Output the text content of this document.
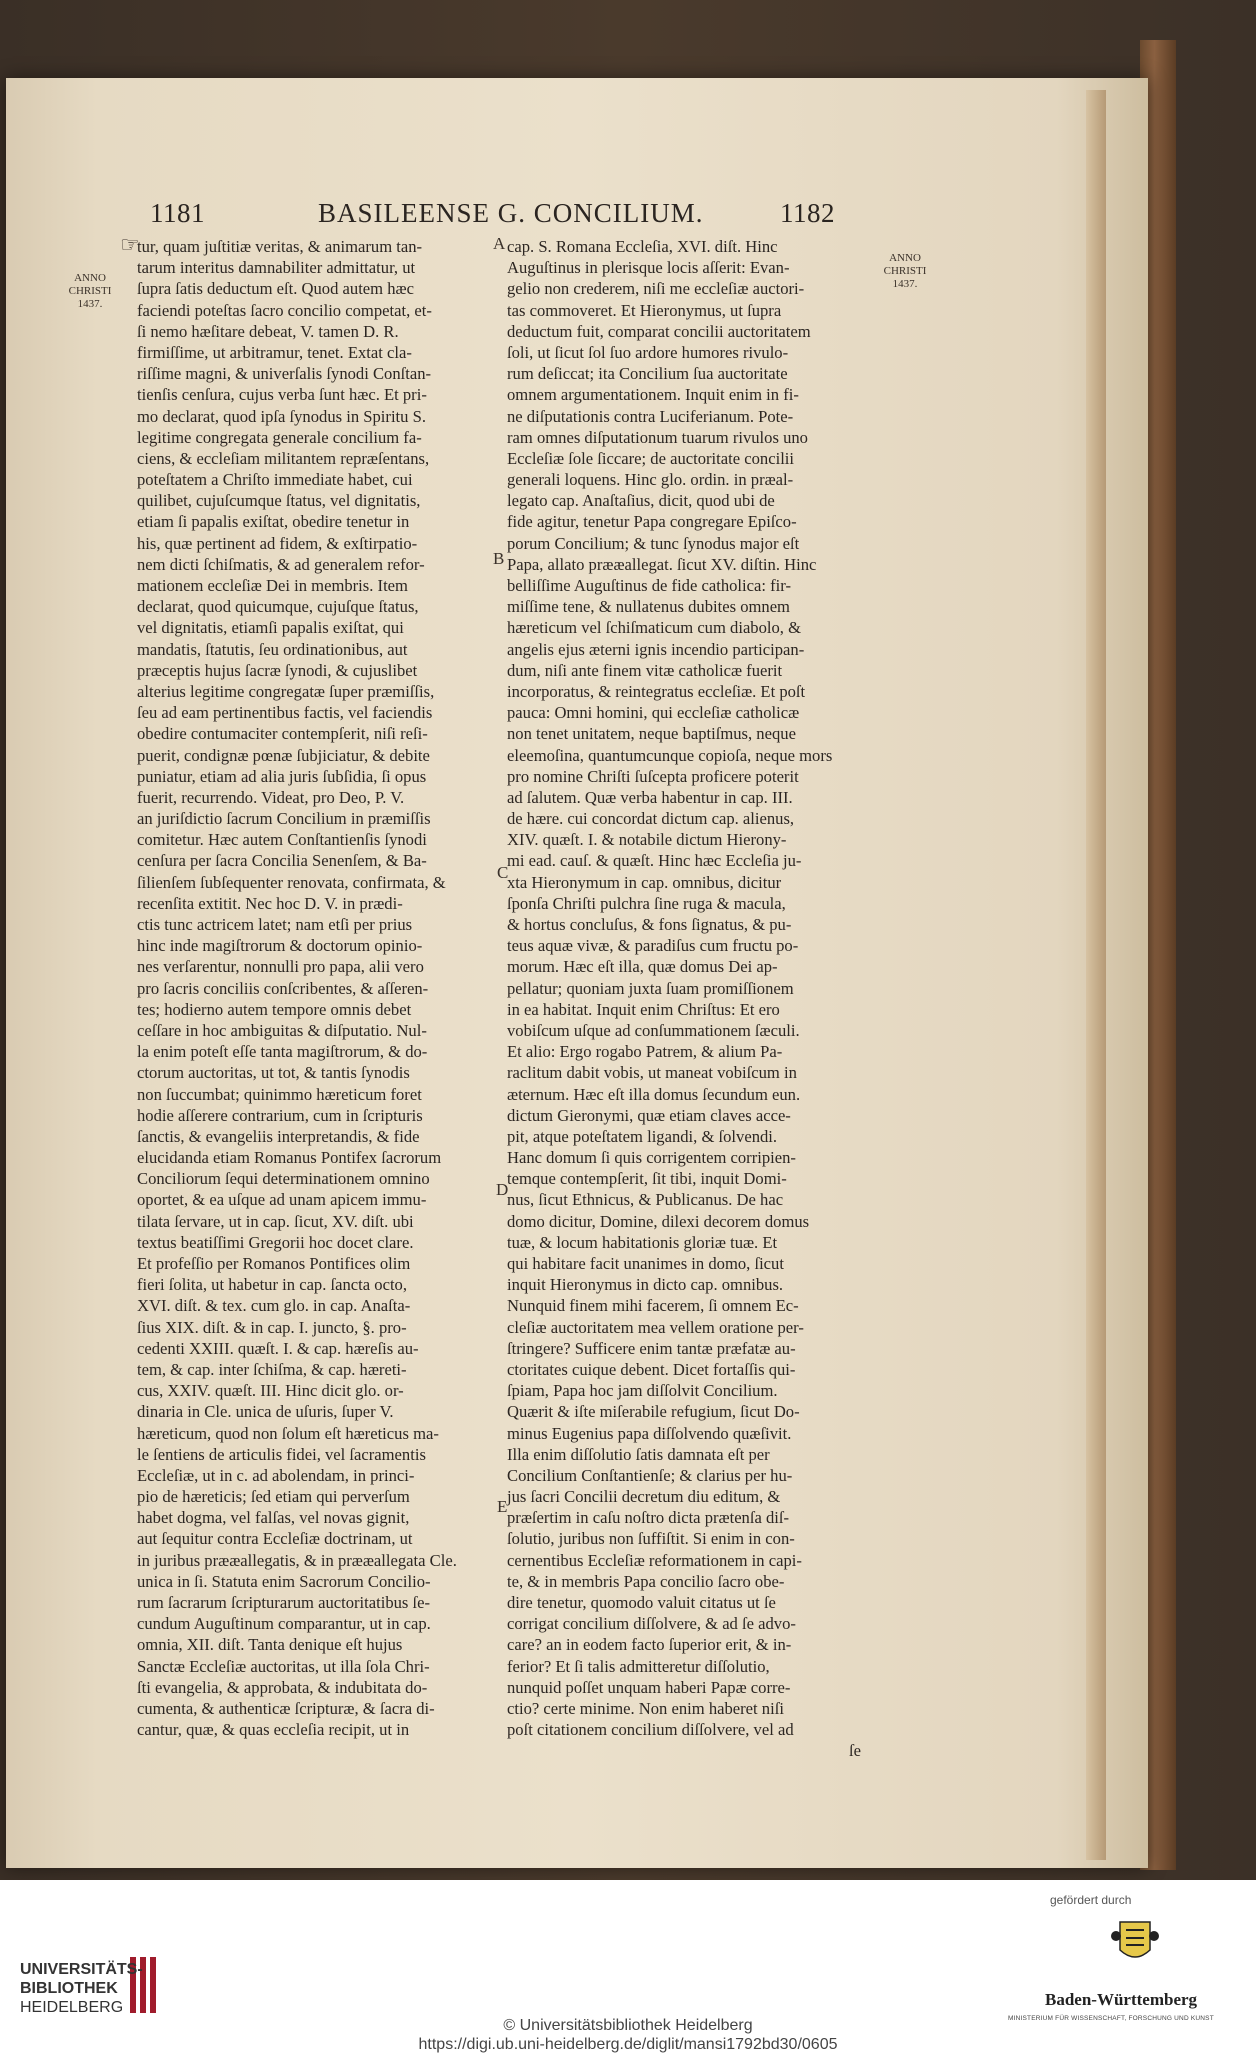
1181	BASILEENSE G. CONCILIUM.	1182
☞
ANNO
CHRISTI
1437.
ANNO
CHRISTI
1437.
tur, quam juſtitiæ veritas, & animarum tan-
tarum interitus damnabiliter admittatur, ut
ſupra ſatis deductum eſt. Quod autem hæc
faciendi poteſtas ſacro concilio competat, et-
ſi nemo hæſitare debeat, V. tamen D. R.
firmiſſime, ut arbitramur, tenet. Extat cla-
riſſime magni, & univerſalis ſynodi Conſtan-
tienſis cenſura, cujus verba ſunt hæc. Et pri-
mo declarat, quod ipſa ſynodus in Spiritu S.
legitime congregata generale concilium fa-
ciens, & eccleſiam militantem repræſentans,
poteſtatem a Chriſto immediate habet, cui
quilibet, cujuſcumque ſtatus, vel dignitatis,
etiam ſi papalis exiſtat, obedire tenetur in
his, quæ pertinent ad fidem, & exſtirpatio-
nem dicti ſchiſmatis, & ad generalem refor-
mationem eccleſiæ Dei in membris. Item
declarat, quod quicumque, cujuſque ſtatus,
vel dignitatis, etiamſi papalis exiſtat, qui
mandatis, ſtatutis, ſeu ordinationibus, aut
præceptis hujus ſacræ ſynodi, & cujuslibet
alterius legitime congregatæ ſuper præmiſſis,
ſeu ad eam pertinentibus factis, vel faciendis
obedire contumaciter contempſerit, niſi reſi-
puerit, condignæ pœnæ ſubjiciatur, & debite
puniatur, etiam ad alia juris ſubſidia, ſi opus
fuerit, recurrendo. Videat, pro Deo, P. V.
an juriſdictio ſacrum Concilium in præmiſſis
comitetur. Hæc autem Conſtantienſis ſynodi
cenſura per ſacra Concilia Senenſem, & Ba-
ſilienſem ſubſequenter renovata, confirmata, &
recenſita extitit. Nec hoc D. V. in prædi-
ctis tunc actricem latet; nam etſi per prius
hinc inde magiſtrorum & doctorum opinio-
nes verſarentur, nonnulli pro papa, alii vero
pro ſacris conciliis conſcribentes, & aſſeren-
tes; hodierno autem tempore omnis debet
ceſſare in hoc ambiguitas & diſputatio. Nul-
la enim poteſt eſſe tanta magiſtrorum, & do-
ctorum auctoritas, ut tot, & tantis ſynodis
non ſuccumbat; quinimmo hæreticum foret
hodie aſſerere contrarium, cum in ſcripturis
ſanctis, & evangeliis interpretandis, & fide
elucidanda etiam Romanus Pontifex ſacrorum
Conciliorum ſequi determinationem omnino
oportet, & ea uſque ad unam apicem immu-
tilata ſervare, ut in cap. ſicut, XV. diſt. ubi
textus beatiſſimi Gregorii hoc docet clare.
Et profeſſio per Romanos Pontifices olim
fieri ſolita, ut habetur in cap. ſancta octo,
XVI. diſt. & tex. cum glo. in cap. Anaſta-
ſius XIX. diſt. & in cap. I. juncto, §. pro-
cedenti XXIII. quæſt. I. & cap. hæreſis au-
tem, & cap. inter ſchiſma, & cap. hæreti-
cus, XXIV. quæſt. III. Hinc dicit glo. or-
dinaria in Cle. unica de uſuris, ſuper V.
hæreticum, quod non ſolum eſt hæreticus ma-
le ſentiens de articulis fidei, vel ſacramentis
Eccleſiæ, ut in c. ad abolendam, in princi-
pio de hæreticis; ſed etiam qui perverſum
habet dogma, vel falſas, vel novas gignit,
aut ſequitur contra Eccleſiæ doctrinam, ut
in juribus prææallegatis, & in prææallegata Cle.
unica in ſi. Statuta enim Sacrorum Concilio-
rum ſacrarum ſcripturarum auctoritatibus ſe-
cundum Auguſtinum comparantur, ut in cap.
omnia, XII. diſt. Tanta denique eſt hujus
Sanctæ Eccleſiæ auctoritas, ut illa ſola Chri-
ſti evangelia, & approbata, & indubitata do-
cumenta, & authenticæ ſcripturæ, & ſacra di-
cantur, quæ, & quas eccleſia recipit, ut in
cap. S. Romana Eccleſia, XVI. diſt. Hinc
Auguſtinus in plerisque locis aſſerit: Evan-
gelio non crederem, niſi me eccleſiæ auctori-
tas commoveret. Et Hieronymus, ut ſupra
deductum fuit, comparat concilii auctoritatem
ſoli, ut ſicut ſol ſuo ardore humores rivulo-
rum deſiccat; ita Concilium ſua auctoritate
omnem argumentationem. Inquit enim in fi-
ne diſputationis contra Luciferianum. Pote-
ram omnes diſputationum tuarum rivulos uno
Eccleſiæ ſole ſiccare; de auctoritate concilii
generali loquens. Hinc glo. ordin. in præal-
legato cap. Anaſtaſius, dicit, quod ubi de
fide agitur, tenetur Papa congregare Epiſco-
porum Concilium; & tunc ſynodus major eſt
Papa, allato prææallegat. ſicut XV. diſtin. Hinc
belliſſime Auguſtinus de fide catholica: fir-
miſſime tene, & nullatenus dubites omnem
hæreticum vel ſchiſmaticum cum diabolo, &
angelis ejus æterni ignis incendio participan-
dum, niſi ante finem vitæ catholicæ fuerit
incorporatus, & reintegratus eccleſiæ. Et poſt
pauca: Omni homini, qui eccleſiæ catholicæ
non tenet unitatem, neque baptiſmus, neque
eleemoſina, quantumcunque copioſa, neque mors
pro nomine Chriſti ſuſcepta proficere poterit
ad ſalutem. Quæ verba habentur in cap. III.
de hære. cui concordat dictum cap. alienus,
XIV. quæſt. I. & notabile dictum Hierony-
mi ead. cauſ. & quæſt. Hinc hæc Eccleſia ju-
xta Hieronymum in cap. omnibus, dicitur
ſponſa Chriſti pulchra ſine ruga & macula,
& hortus concluſus, & fons ſignatus, & pu-
teus aquæ vivæ, & paradiſus cum fructu po-
morum. Hæc eſt illa, quæ domus Dei ap-
pellatur; quoniam juxta ſuam promiſſionem
in ea habitat. Inquit enim Chriſtus: Et ero
vobiſcum uſque ad conſummationem ſæculi.
Et alio: Ergo rogabo Patrem, & alium Pa-
raclitum dabit vobis, ut maneat vobiſcum in
æternum. Hæc eſt illa domus ſecundum eun.
dictum Gieronymi, quæ etiam claves acce-
pit, atque poteſtatem ligandi, & ſolvendi.
Hanc domum ſi quis corrigentem corripien-
temque contempſerit, ſit tibi, inquit Domi-
nus, ſicut Ethnicus, & Publicanus. De hac
domo dicitur, Domine, dilexi decorem domus
tuæ, & locum habitationis gloriæ tuæ. Et
qui habitare facit unanimes in domo, ſicut
inquit Hieronymus in dicto cap. omnibus.
Nunquid finem mihi facerem, ſi omnem Ec-
cleſiæ auctoritatem mea vellem oratione per-
ſtringere? Sufficere enim tantæ præfatæ au-
ctoritates cuique debent. Dicet fortaſſis qui-
ſpiam, Papa hoc jam diſſolvit Concilium.
Quærit & iſte miſerabile refugium, ſicut Do-
minus Eugenius papa diſſolvendo quæſivit.
Illa enim diſſolutio ſatis damnata eſt per
Concilium Conſtantienſe; & clarius per hu-
jus ſacri Concilii decretum diu editum, &
præſertim in caſu noſtro dicta prætenſa diſ-
ſolutio, juribus non ſuffiſtit. Si enim in con-
cernentibus Eccleſiæ reformationem in capi-
te, & in membris Papa concilio ſacro obe-
dire tenetur, quomodo valuit citatus ut ſe
corrigat concilium diſſolvere, & ad ſe advo-
care? an in eodem facto ſuperior erit, & in-
ferior? Et ſi talis admitteretur diſſolutio,
nunquid poſſet unquam haberi Papæ corre-
ctio? certe minime. Non enim haberet niſi
poſt citationem concilium diſſolvere, vel ad
ſe
A
B
C
D
E
UNIVERSITÄTS-
BIBLIOTHEK
HEIDELBERG
© Universitätsbibliothek Heidelberg
https://digi.ub.uni-heidelberg.de/diglit/mansi1792bd30/0605
gefördert durch
Baden-Württemberg
MINISTERIUM FÜR WISSENSCHAFT, FORSCHUNG UND KUNST
